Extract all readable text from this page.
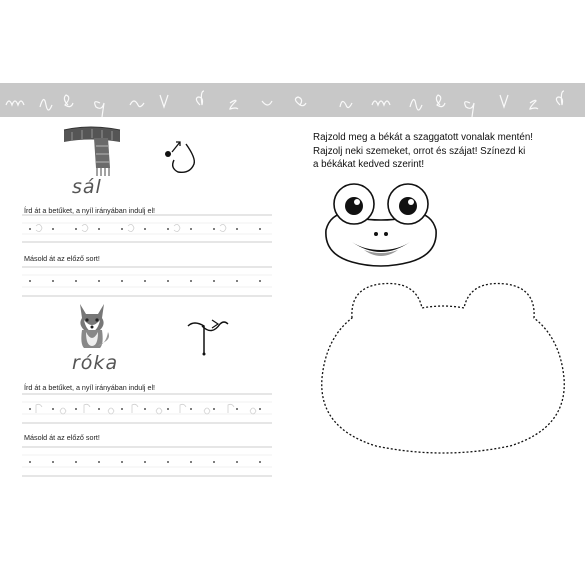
sál
Írd át a betűket, a nyíl irányában indulj el!
Másold át az előző sort!
róka
Írd át a betűket, a nyíl irányában indulj el!
Másold át az előző sort!
Rajzold meg a békát a szaggatott vonalak mentén!
Rajzolj neki szemeket, orrot és szájat! Színezd ki
a békákat kedved szerint!
